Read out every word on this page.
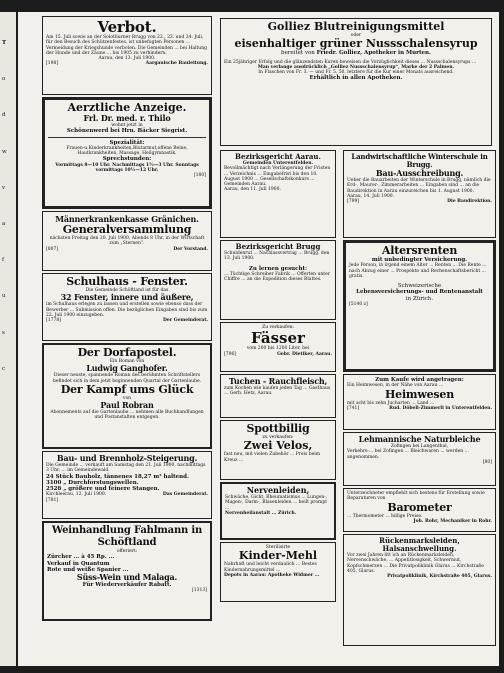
Verbot.
Am 15. Juli sowie an der Solothurner Brugg von 22., 23. und 24. Juli, für den Besuch des Schützenfestes, ist unbefugten Personen ... Vermeidung der Kriegshunde verboten. Die Gemeinden ... bei Haltung der Hunde und der Zäune ... bis 1905 zu verhindern.
Aarau, den 13. Juli 1900.
[198]	Aargauische Bauleitung.
Aerztliche Anzeige.
Frl. Dr. med. r. Thilo
wohnt jetzt in
Schönenwerd bei Hrn. Bäcker Siegrist.
Spezialität:
Frauen-u.Kinderkrankheiten,Blutarmut,offene Beine, Hautkrankheiten, Massage, Heilgymnastik.
Sprechstunden:
Vormittags 8—10 Uhr. Nachmittags 1½—3 Uhr. Sonntags vormittags 10½—12 Uhr.
[180]
Männerkrankenkasse Gränichen.
Generalversammlung
nächsten Freitag den 20. Juli 1900, Abends 8 Uhr, in der Wirtschaft zum „Sternen“.
[807]	Der Vorstand.
Schulhaus - Fenster.
Die Gemeinde Schöftland ist für das
32 Fenster, innere und äußere,
im Schulhaus erlegen zu lassen und erstellen sowie ebenso dass der Bewerber ... Submission offen. Die bezüglichen Eingaben sind bis zum 22. Juli 1900 einzugeben.
[1778]	Der Gemeinderat.
Der Dorfapostel.
Ein Roman von
Ludwig Ganghofer.
Dieser neuste, spannende Roman des berühmten Schriftstellers befindet sich in dem jetzt beginnenden Quartal der Gartenlaube.
Der Kampf ums Glück
von
Paul Robran
Abonnements auf die Gartenlaube ... nehmen alle Buchhandlungen und Postanstalten entgegen.
Bau- und Brennholz-Steigerung.
Die Gemeinde ... verkauft am Samstag den 21. Juli 1900, nachmittags 3 Uhr, ... im Gemeindewald.
24 Stück Bauholz, tännenes 18,27 m³ haltend.
3100 „ Durchforstungswellen.
2528 „ größere und feinere Stangen.
Kirchleerau, 12. Juli 1900.	Das Gemeinderat.
[781]
Weinhandlung Fahlmann in Schöftland
offeriert:
Zürcher ... à 45 Rp. ...
Verkauf in Quantum
Rote und weiße Spanier ...
Süss-Wein und Malaga.
Für Wiederverkäufer Rabatt.
[1313]
Golliez Blutreinigungsmittel
oder
eisenhaltiger grüner Nussschalensyrup
bereitet von Friedr. Golliez, Apotheker in Murten.
Ein 25jähriger Erfolg und die glänzendsten Kuren beweisen die Vorzüglichkeit dieses ... Nussschalensyrups ...
Man verlange ausdrücklich „Golliez Nussschalensyrup“, Marke der 2 Palmen.
In Flaschen von Fr. 3. — und Fr. 5. 50, letztere für die Kur einer Monats ausreichend.
Erhältlich in allen Apotheken.
Bezirksgericht Aarau.
Gemeinden Unterentfelden.
Bevollmächtigt nach Verlängerung der Fristen ... Verzeichnis ... Eingabefrist bis den 10. August 1900 ... Gesellschaftskonkurs ... Gemeinden Aarau.
Aarau, den 11. Juli 1900.
Bezirksgericht Brugg
Schuldenruf ... Nachlassvertrag ... Brugg, den 13. Juli 1900.
Zu lernen gesucht:
... Tüchtige Schreiber Fabrik ... Offerten unter Chiffre ... an die Expedition dieses Blattes.
Zu verkaufen:
Fässer
vom 200 bis 1200 Liter, bei
[796]	Gebr. Dietiker, Aarau.
Tuchen - Rauchfleisch,
zum Kochen wie kaufen jeden Tag ... Gasthaus ... Gerb. Hetz, Aarau.
Spottbillig
zu verkaufen:
Zwei Velos,
fast neu, mit vielen Zubehör ... Preis beim Kreuz ...
Nervenleiden,
Schwäche, Gicht, Rheumatismus ... Lungen-, Magen-, Darm-, Blasenleiden ... heilt prompt ...
Nervenheilanstalt ... Zürich.
Sterilisirte
Kinder-Mehl
Nahrhaft und leicht verdaulich ... Bestes Kindernahrungsmittel ...
Depots in Aarau: Apotheke Widmer ...
Landwirtschaftliche Winterschule in Brugg.
Bau-Ausschreibung.
Ueber die Bauarbeiten der Winterschule in Brugg, nämlich die Erd-, Maurer-, Zimmerarbeiten ... Eingaben sind ... an die Baudirektion in Aarau einzureichen bis 1. August 1900.
Aarau, 14. Juli 1900.
[799]	Die Baudirektion.
Altersrenten
mit unbedingter Versicherung.
Jede Person, in irgend einem Alter ... Renten ... Die Rente ... nach Abzug einer ... Prospekte und Rechenschaftsbericht ... gratis.
Schweizerische
Lebensversicherungs- und Rentenanstalt
in Zürich.
[5140 z]
Zum Kaufe wird angetragen:
Ein Heimwesen, in der Nähe von Aarau ...
Heimwesen
mit acht bis zehn Jucharten ... Land ...
[741]	Rud. Döbeli-Zimmerli in Unterentfelden.
Lehmannische Naturbleiche
Zofingen bei Langenthal,
Verkehrs-... bei Zofingen ... Bleichwaren ... werden ... angenommen.
[80]
Unterzeichneter empfiehlt sich bestens für Erstellung sowie Reparaturen von
Barometer
... Thermometer ... billige Preise.
Joh. Rohr, Mechaniker in Rohr.
Rückenmarksleiden, Halsanschwellung.
Vor zwei Jahren litt ich an Rückenmarksleiden, Nervenschwäche, ... Appetitlosigkeit, Schwermut, Kopfschmerzen ... Die Privatpoliklinik Glarus ... Kirchstraße 405, Glarus.
Privatpoliklinik, Kirchstraße 405, Glarus.
T
o
d
w
v
a
f
u
s
c
